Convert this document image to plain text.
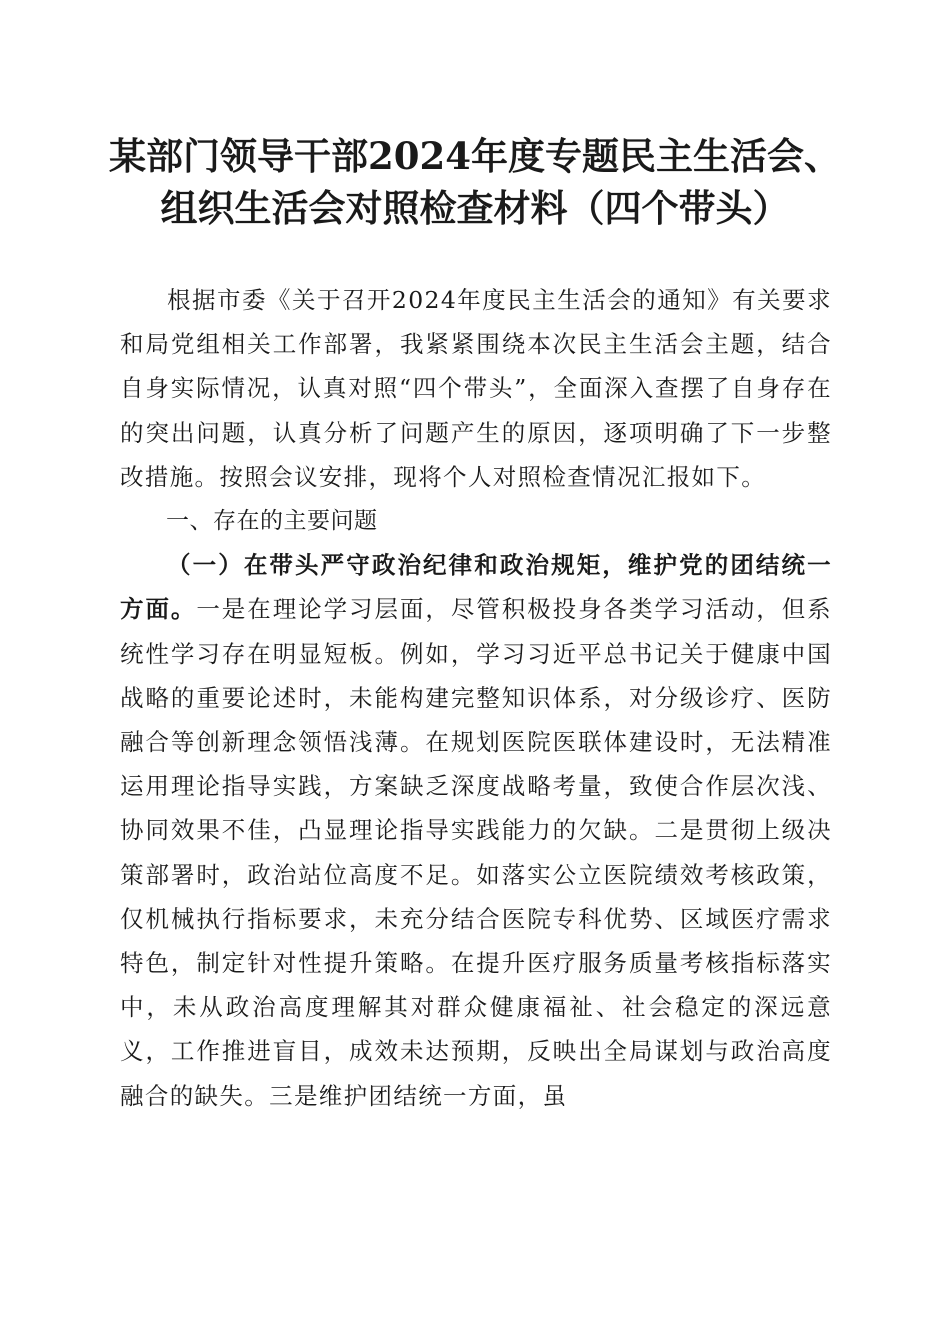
某部门领导干部2024年度专题民主生活会、
组织生活会对照检查材料（四个带头）

根据市委《关于召开2024年度民主生活会的通知》有关要求和局党组相关工作部署，我紧紧围绕本次民主生活会主题，结合自身实际情况，认真对照“四个带头”，全面深入查摆了自身存在的突出问题，认真分析了问题产生的原因，逐项明确了下一步整改措施。按照会议安排，现将个人对照检查情况汇报如下。

一、存在的主要问题

（一）在带头严守政治纪律和政治规矩，维护党的团结统一方面。一是在理论学习层面，尽管积极投身各类学习活动，但系统性学习存在明显短板。例如，学习习近平总书记关于健康中国战略的重要论述时，未能构建完整知识体系，对分级诊疗、医防融合等创新理念领悟浅薄。在规划医院医联体建设时，无法精准运用理论指导实践，方案缺乏深度战略考量，致使合作层次浅、协同效果不佳，凸显理论指导实践能力的欠缺。二是贯彻上级决策部署时，政治站位高度不足。如落实公立医院绩效考核政策，仅机械执行指标要求，未充分结合医院专科优势、区域医疗需求特色，制定针对性提升策略。在提升医疗服务质量考核指标落实中，未从政治高度理解其对群众健康福祉、社会稳定的深远意义，工作推进盲目，成效未达预期，反映出全局谋划与政治高度融合的缺失。三是维护团结统一方面，虽
